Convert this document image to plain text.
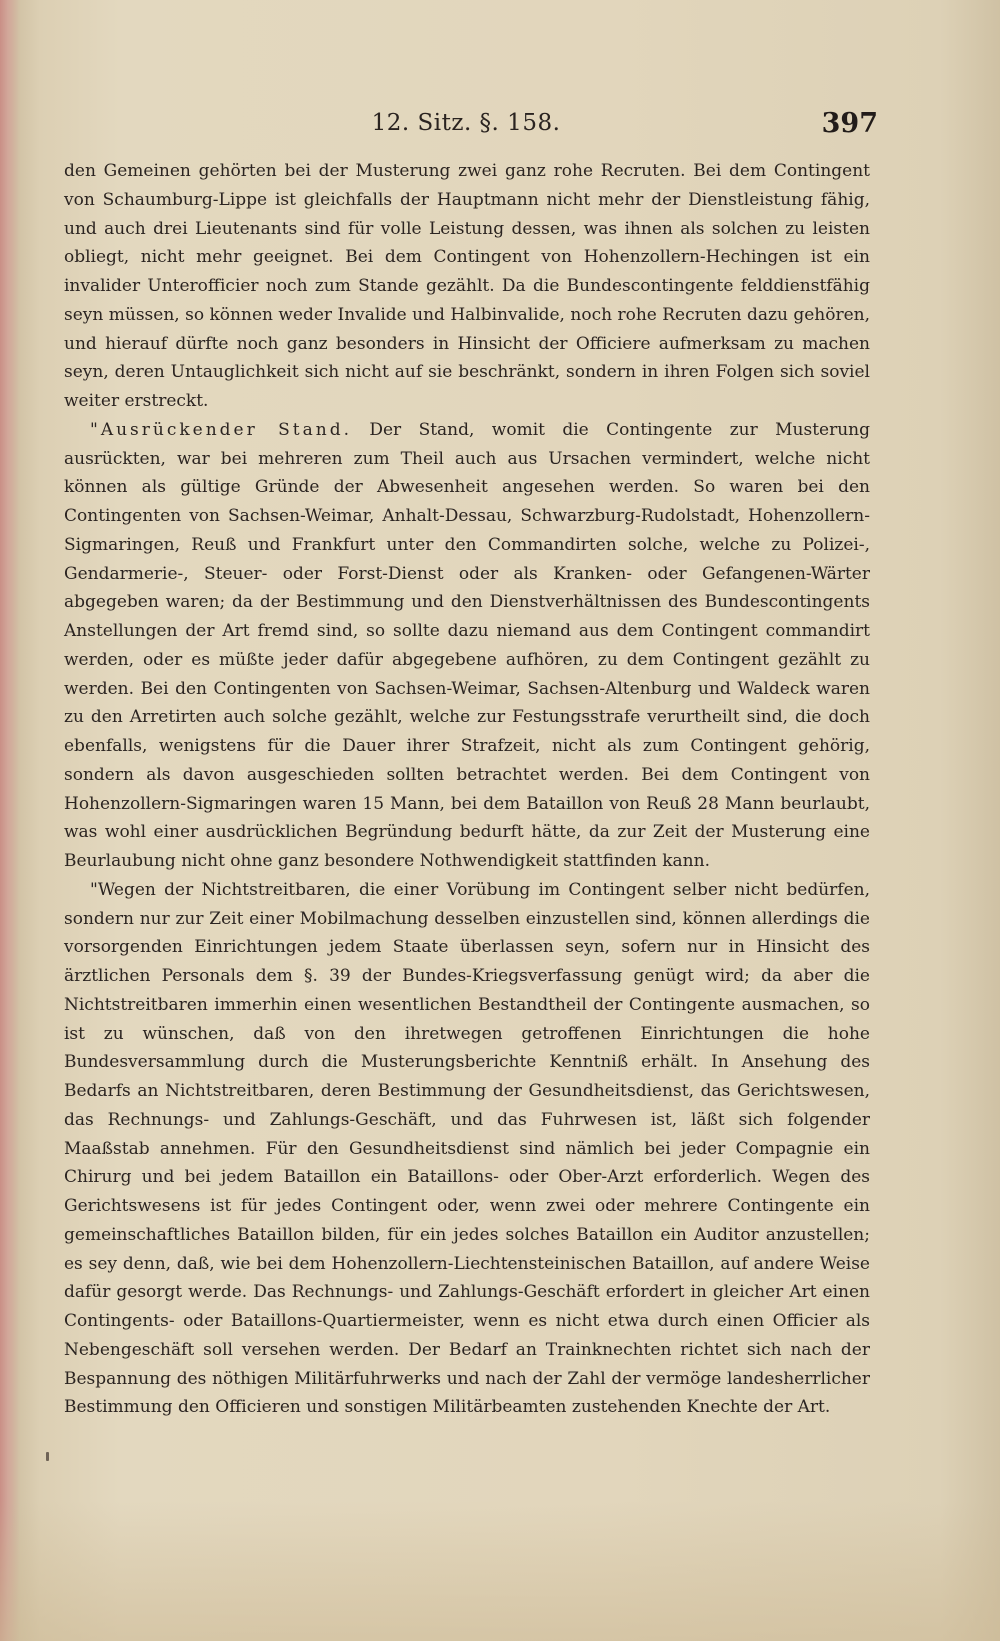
12. Sitz. §. 158.	397

den Gemeinen gehörten bei der Musterung zwei ganz rohe Recruten. Bei dem Contingent von Schaumburg-Lippe ist gleichfalls der Hauptmann nicht mehr der Dienstleistung fähig, und auch drei Lieutenants sind für volle Leistung dessen, was ihnen als solchen zu leisten obliegt, nicht mehr geeignet. Bei dem Contingent von Hohenzollern-Hechingen ist ein invalider Unterofficier noch zum Stande gezählt. Da die Bundescontingente felddienstfähig seyn müssen, so können weder Invalide und Halbinvalide, noch rohe Recruten dazu gehören, und hierauf dürfte noch ganz besonders in Hinsicht der Officiere aufmerksam zu machen seyn, deren Untauglichkeit sich nicht auf sie beschränkt, sondern in ihren Folgen sich soviel weiter erstreckt.

"Ausrückender Stand. Der Stand, womit die Contingente zur Musterung ausrückten, war bei mehreren zum Theil auch aus Ursachen vermindert, welche nicht können als gültige Gründe der Abwesenheit angesehen werden. So waren bei den Contingenten von Sachsen-Weimar, Anhalt-Dessau, Schwarzburg-Rudolstadt, Hohenzollern-Sigmaringen, Reuß und Frankfurt unter den Commandirten solche, welche zu Polizei-, Gendarmerie-, Steuer- oder Forst-Dienst oder als Kranken- oder Gefangenen-Wärter abgegeben waren; da der Bestimmung und den Dienstverhältnissen des Bundescontingents Anstellungen der Art fremd sind, so sollte dazu niemand aus dem Contingent commandirt werden, oder es müßte jeder dafür abgegebene aufhören, zu dem Contingent gezählt zu werden. Bei den Contingenten von Sachsen-Weimar, Sachsen-Altenburg und Waldeck waren zu den Arretirten auch solche gezählt, welche zur Festungsstrafe verurtheilt sind, die doch ebenfalls, wenigstens für die Dauer ihrer Strafzeit, nicht als zum Contingent gehörig, sondern als davon ausgeschieden sollten betrachtet werden. Bei dem Contingent von Hohenzollern-Sigmaringen waren 15 Mann, bei dem Bataillon von Reuß 28 Mann beurlaubt, was wohl einer ausdrücklichen Begründung bedurft hätte, da zur Zeit der Musterung eine Beurlaubung nicht ohne ganz besondere Nothwendigkeit stattfinden kann.

"Wegen der Nichtstreitbaren, die einer Vorübung im Contingent selber nicht bedürfen, sondern nur zur Zeit einer Mobilmachung desselben einzustellen sind, können allerdings die vorsorgenden Einrichtungen jedem Staate überlassen seyn, sofern nur in Hinsicht des ärztlichen Personals dem §. 39 der Bundes-Kriegsverfassung genügt wird; da aber die Nichtstreitbaren immerhin einen wesentlichen Bestandtheil der Contingente ausmachen, so ist zu wünschen, daß von den ihretwegen getroffenen Einrichtungen die hohe Bundesversammlung durch die Musterungsberichte Kenntniß erhält. In Ansehung des Bedarfs an Nichtstreitbaren, deren Bestimmung der Gesundheitsdienst, das Gerichtswesen, das Rechnungs- und Zahlungs-Geschäft, und das Fuhrwesen ist, läßt sich folgender Maaßstab annehmen. Für den Gesundheitsdienst sind nämlich bei jeder Compagnie ein Chirurg und bei jedem Bataillon ein Bataillons- oder Ober-Arzt erforderlich. Wegen des Gerichtswesens ist für jedes Contingent oder, wenn zwei oder mehrere Contingente ein gemeinschaftliches Bataillon bilden, für ein jedes solches Bataillon ein Auditor anzustellen; es sey denn, daß, wie bei dem Hohenzollern-Liechtensteinischen Bataillon, auf andere Weise dafür gesorgt werde. Das Rechnungs- und Zahlungs-Geschäft erfordert in gleicher Art einen Contingents- oder Bataillons-Quartiermeister, wenn es nicht etwa durch einen Officier als Nebengeschäft soll versehen werden. Der Bedarf an Trainknechten richtet sich nach der Bespannung des nöthigen Militärfuhrwerks und nach der Zahl der vermöge landesherrlicher Bestimmung den Officieren und sonstigen Militärbeamten zustehenden Knechte der Art.
